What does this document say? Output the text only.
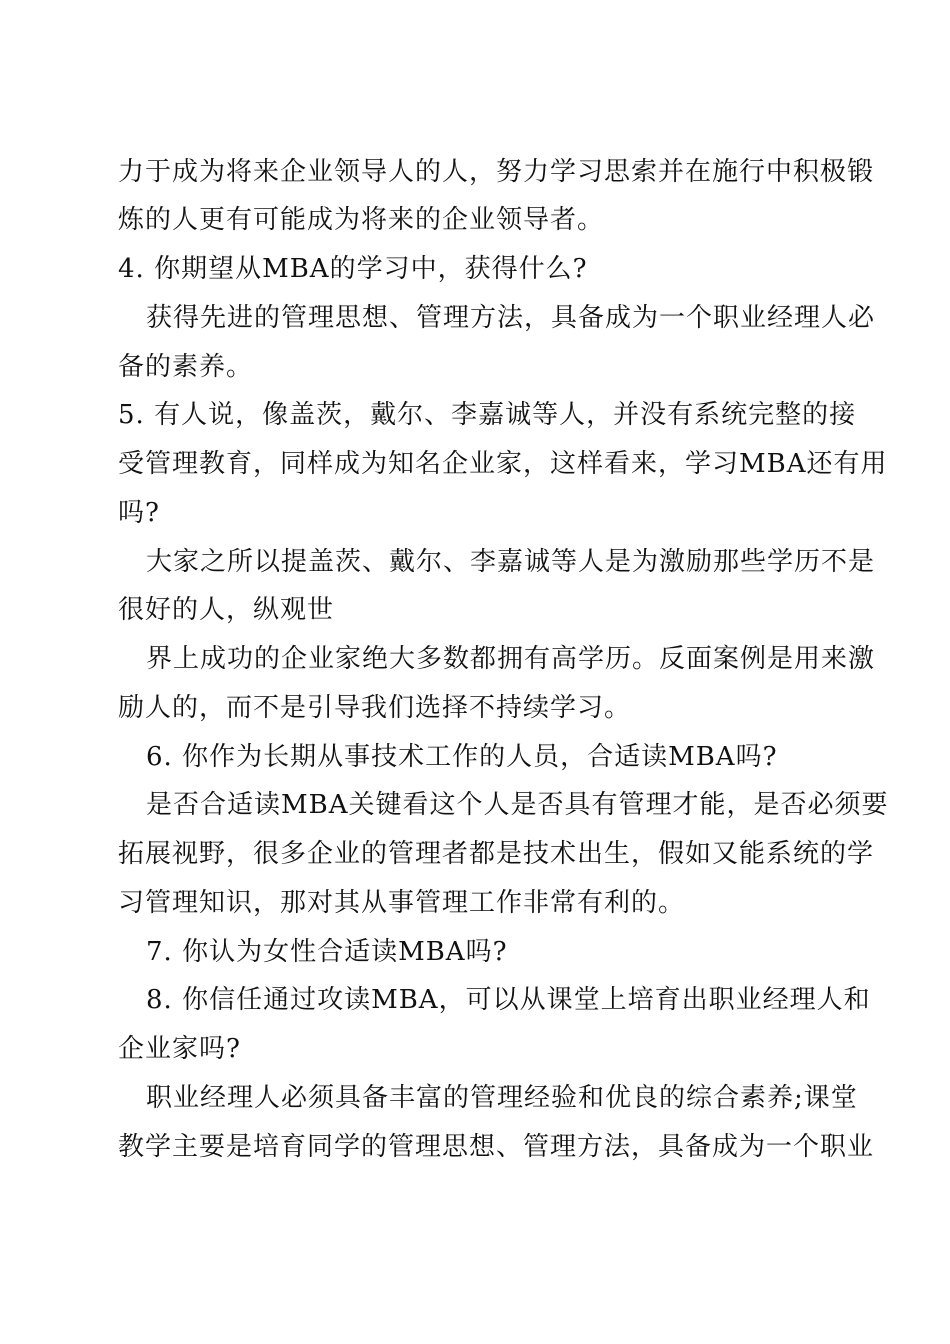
力于成为将来企业领导人的人，努力学习思索并在施行中积极锻
炼的人更有可能成为将来的企业领导者。
4. 你期望从MBA的学习中，获得什么?
获得先进的管理思想、管理方法，具备成为一个职业经理人必
备的素养。
5. 有人说，像盖茨，戴尔、李嘉诚等人，并没有系统完整的接
受管理教育，同样成为知名企业家，这样看来，学习MBA还有用
吗?
大家之所以提盖茨、戴尔、李嘉诚等人是为激励那些学历不是
很好的人，纵观世
界上成功的企业家绝大多数都拥有高学历。反面案例是用来激
励人的，而不是引导我们选择不持续学习。
6. 你作为长期从事技术工作的人员，合适读MBA吗?
是否合适读MBA关键看这个人是否具有管理才能，是否必须要
拓展视野，很多企业的管理者都是技术出生，假如又能系统的学
习管理知识，那对其从事管理工作非常有利的。
7. 你认为女性合适读MBA吗?
8. 你信任通过攻读MBA，可以从课堂上培育出职业经理人和
企业家吗?
职业经理人必须具备丰富的管理经验和优良的综合素养;课堂
教学主要是培育同学的管理思想、管理方法，具备成为一个职业
